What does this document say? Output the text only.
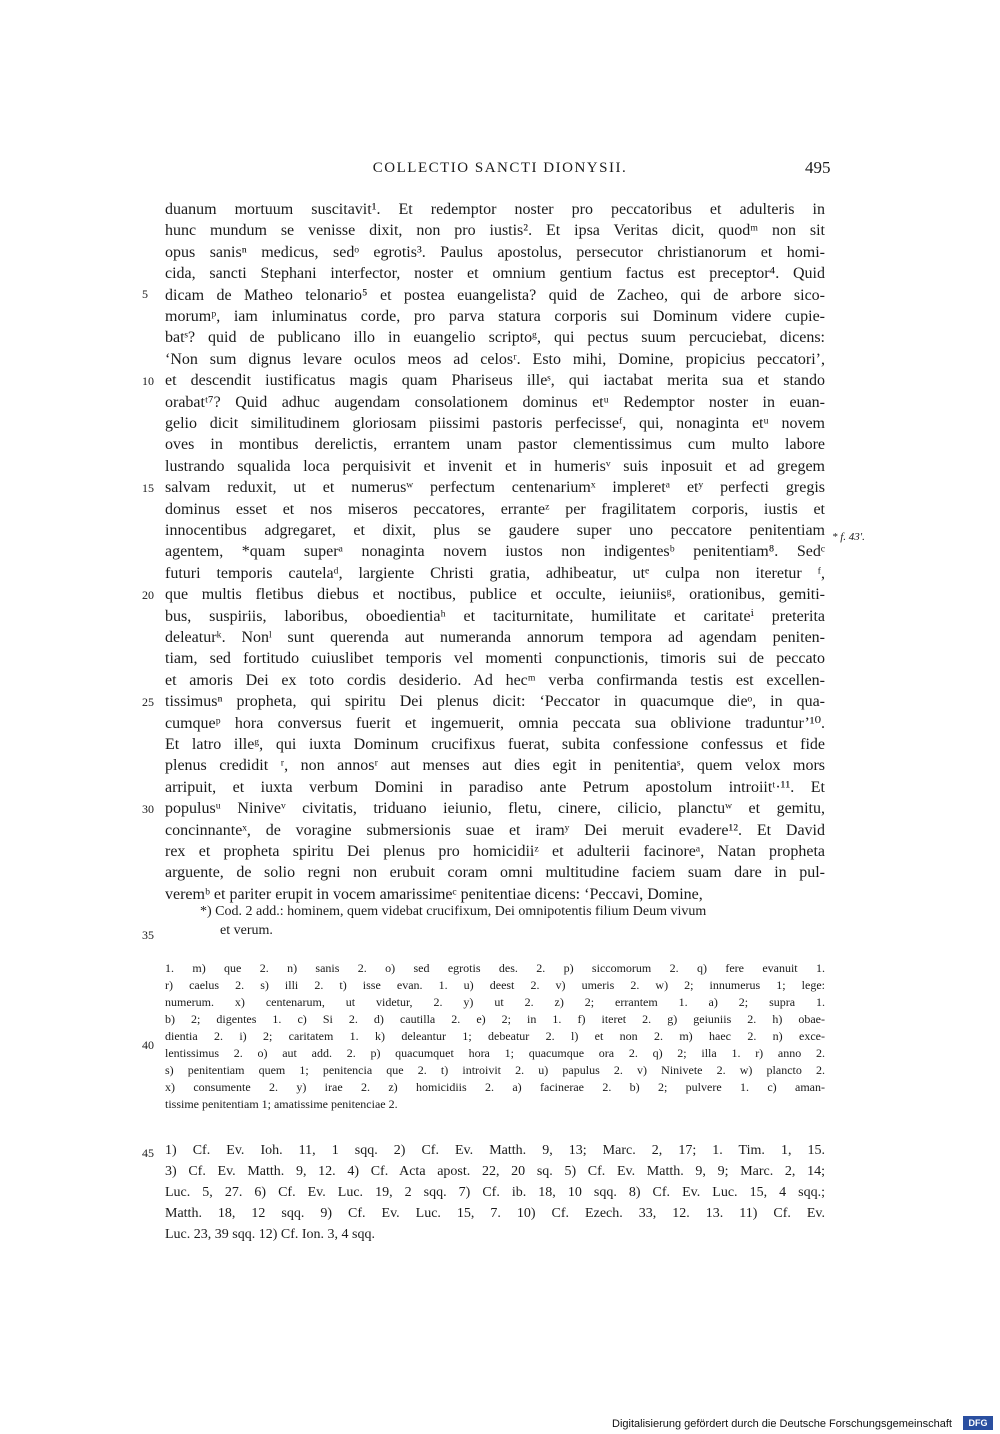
COLLECTIO SANCTI DIONYSII.	495
duanum mortuum suscitavit¹. Et redemptor noster pro peccatoribus et adulteris in
hunc mundum se venisse dixit, non pro iustis². Et ipsa Veritas dicit, quodᵐ non sit
opus sanisⁿ medicus, sedᵒ egrotis³. Paulus apostolus, persecutor christianorum et homi-
cida, sancti Stephani interfector, noster et omnium gentium factus est preceptor⁴. Quid
dicam de Matheo telonario⁵ et postea euangelista? quid de Zacheo, qui de arbore sico-
morumᵖ, iam inluminatus corde, pro parva statura corporis sui Dominum videre cupie-
batˢ? quid de publicano illo in euangelio scriptoᵍ, qui pectus suum percuciebat, dicens:
‘Non sum dignus levare oculos meos ad celosʳ. Esto mihi, Domine, propicius peccatori’,
et descendit iustificatus magis quam Phariseus illeˢ, qui iactabat merita sua et stando
orabatᵗ⁷? Quid adhuc augendam consolationem dominus etᵘ Redemptor noster in euan-
gelio dicit similitudinem gloriosam piissimi pastoris perfecisseᶠ, qui, nonaginta etᵘ novem
oves in montibus derelictis, errantem unam pastor clementissimus cum multo labore
lustrando squalida loca perquisivit et invenit et in humerisᵛ suis inposuit et ad gregem
salvam reduxit, ut et numerusʷ perfectum centenariumˣ impleretᵃ etʸ perfecti gregis
dominus esset et nos miseros peccatores, erranteᶻ per fragilitatem corporis, iustis et
innocentibus adgregaret, et dixit, plus se gaudere super uno peccatore penitentiam
agentem, *quam superᵃ nonaginta novem iustos non indigentesᵇ penitentiam⁸. Sedᶜ
futuri temporis cautelaᵈ, largiente Christi gratia, adhibeatur, utᵉ culpa non iteretur ᶠ,
que multis fletibus diebus et noctibus, publice et occulte, ieiuniisᵍ, orationibus, gemiti-
bus, suspiriis, laboribus, oboedientiaʰ et taciturnitate, humilitate et caritateⁱ preterita
deleaturᵏ. Nonˡ sunt querenda aut numeranda annorum tempora ad agendam peniten-
tiam, sed fortitudo cuiuslibet temporis vel momenti conpunctionis, timoris sui de peccato
et amoris Dei ex toto cordis desiderio. Ad hecᵐ verba confirmanda testis est excellen-
tissimusⁿ propheta, qui spiritu Dei plenus dicit: ‘Peccator in quacumque dieᵒ, in qua-
cumqueᵖ hora conversus fuerit et ingemuerit, omnia peccata sua oblivione traduntur’¹⁰.
Et latro illeᵍ, qui iuxta Dominum crucifixus fuerat, subita confessione confessus et fide
plenus credidit ʳ, non annosʳ aut menses aut dies egit in penitentiaˢ, quem velox mors
arripuit, et iuxta verbum Domini in paradiso ante Petrum apostolum introiitᵗ·¹¹. Et
populusᵘ Niniveᵛ civitatis, triduano ieiunio, fletu, cinere, cilicio, planctuʷ et gemitu,
concinnanteˣ, de voragine submersionis suae et iramʸ Dei meruit evadere¹². Et David
rex et propheta spiritu Dei plenus pro homicidiiᶻ et adulterii facinoreᵃ, Natan propheta
arguente, de solio regni non erubuit coram omni multitudine faciem suam dare in pul-
veremᵇ et pariter erupit in vocem amarissimeᶜ penitentiae dicens: ‘Peccavi, Domine,
5
10
15
20
25
30
35
40
45
* f. 43'.
*) Cod. 2 add.: hominem, quem videbat crucifixum, Dei omnipotentis filium Deum vivum
et verum.
1. m) que 2. n) sanis 2. o) sed egrotis des. 2. p) siccomorum 2. q) fere evanuit 1.
r) caelus 2. s) illi 2. t) isse evan. 1. u) deest 2. v) umeris 2. w) 2; innumerus 1; lege:
numerum. x) centenarum, ut videtur, 2. y) ut 2. z) 2; errantem 1. a) 2; supra 1.
b) 2; digentes 1. c) Si 2. d) cautilla 2. e) 2; in 1. f) iteret 2. g) geiuniis 2. h) obae-
dientia 2. i) 2; caritatem 1. k) deleantur 1; debeatur 2. l) et non 2. m) haec 2. n) exce-
lentissimus 2. o) aut add. 2. p) quacumquet hora 1; quacumque ora 2. q) 2; illa 1. r) anno 2.
s) penitentiam quem 1; penitencia que 2. t) introivit 2. u) papulus 2. v) Ninivete 2. w) plancto 2.
x) consumente 2. y) irae 2. z) homicidiis 2. a) facinerae 2. b) 2; pulvere 1. c) aman-
tissime penitentiam 1; amatissime penitenciae 2.
1) Cf. Ev. Ioh. 11, 1 sqq. 2) Cf. Ev. Matth. 9, 13; Marc. 2, 17; 1. Tim. 1, 15.
3) Cf. Ev. Matth. 9, 12. 4) Cf. Acta apost. 22, 20 sq. 5) Cf. Ev. Matth. 9, 9; Marc. 2, 14;
Luc. 5, 27. 6) Cf. Ev. Luc. 19, 2 sqq. 7) Cf. ib. 18, 10 sqq. 8) Cf. Ev. Luc. 15, 4 sqq.;
Matth. 18, 12 sqq. 9) Cf. Ev. Luc. 15, 7. 10) Cf. Ezech. 33, 12. 13. 11) Cf. Ev.
Luc. 23, 39 sqq. 12) Cf. Ion. 3, 4 sqq.
Digitalisierung gefördert durch die Deutsche Forschungsgemeinschaft	DFG
